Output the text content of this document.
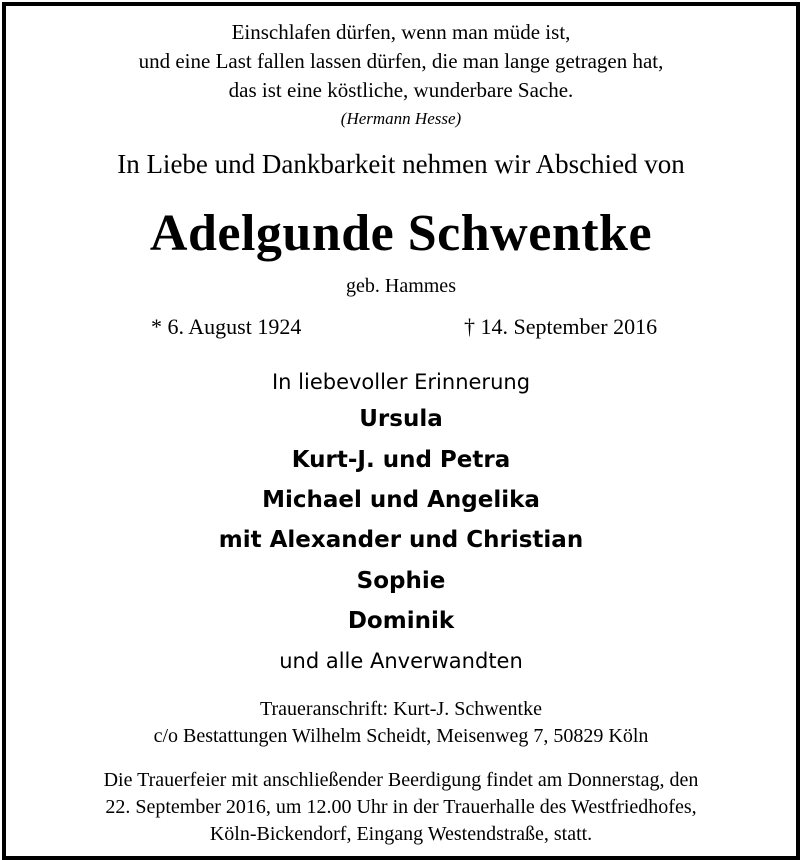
Einschlafen dürfen, wenn man müde ist,
und eine Last fallen lassen dürfen, die man lange getragen hat,
das ist eine köstliche, wunderbare Sache.
(Hermann Hesse)
In Liebe und Dankbarkeit nehmen wir Abschied von
Adelgunde Schwentke
geb. Hammes
* 6. August 1924	† 14. September 2016
In liebevoller Erinnerung
Ursula
Kurt-J. und Petra
Michael und Angelika
mit Alexander und Christian
Sophie
Dominik
und alle Anverwandten
Traueranschrift: Kurt-J. Schwentke
c/o Bestattungen Wilhelm Scheidt, Meisenweg 7, 50829 Köln
Die Trauerfeier mit anschließender Beerdigung findet am Donnerstag, den
22. September 2016, um 12.00 Uhr in der Trauerhalle des Westfriedhofes,
Köln-Bickendorf, Eingang Westendstraße, statt.
